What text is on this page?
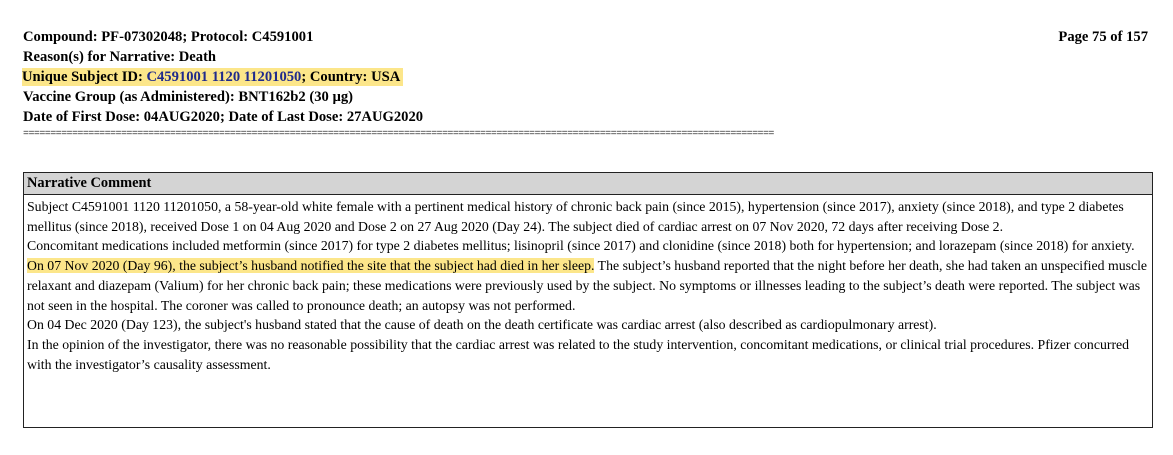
Page 75 of 157
Compound: PF-07302048; Protocol: C4591001
Reason(s) for Narrative: Death
Unique Subject ID: C4591001 1120 11201050; Country: USA
Vaccine Group (as Administered): BNT162b2 (30 µg)
Date of First Dose: 04AUG2020; Date of Last Dose: 27AUG2020
==========================================================================================================================================
Narrative Comment

Subject C4591001 1120 11201050, a 58-year-old white female with a pertinent medical history of chronic back pain (since 2015), hypertension (since 2017), anxiety (since 2018), and type 2 diabetes mellitus (since 2018), received Dose 1 on 04 Aug 2020 and Dose 2 on 27 Aug 2020 (Day 24). The subject died of cardiac arrest on 07 Nov 2020, 72 days after receiving Dose 2.

Concomitant medications included metformin (since 2017) for type 2 diabetes mellitus; lisinopril (since 2017) and clonidine (since 2018) both for hypertension; and lorazepam (since 2018) for anxiety.

On 07 Nov 2020 (Day 96), the subject’s husband notified the site that the subject had died in her sleep. The subject’s husband reported that the night before her death, she had taken an unspecified muscle relaxant and diazepam (Valium) for her chronic back pain; these medications were previously used by the subject. No symptoms or illnesses leading to the subject’s death were reported. The subject was not seen in the hospital. The coroner was called to pronounce death; an autopsy was not performed.

On 04 Dec 2020 (Day 123), the subject's husband stated that the cause of death on the death certificate was cardiac arrest (also described as cardiopulmonary arrest).

In the opinion of the investigator, there was no reasonable possibility that the cardiac arrest was related to the study intervention, concomitant medications, or clinical trial procedures. Pfizer concurred with the investigator’s causality assessment.
